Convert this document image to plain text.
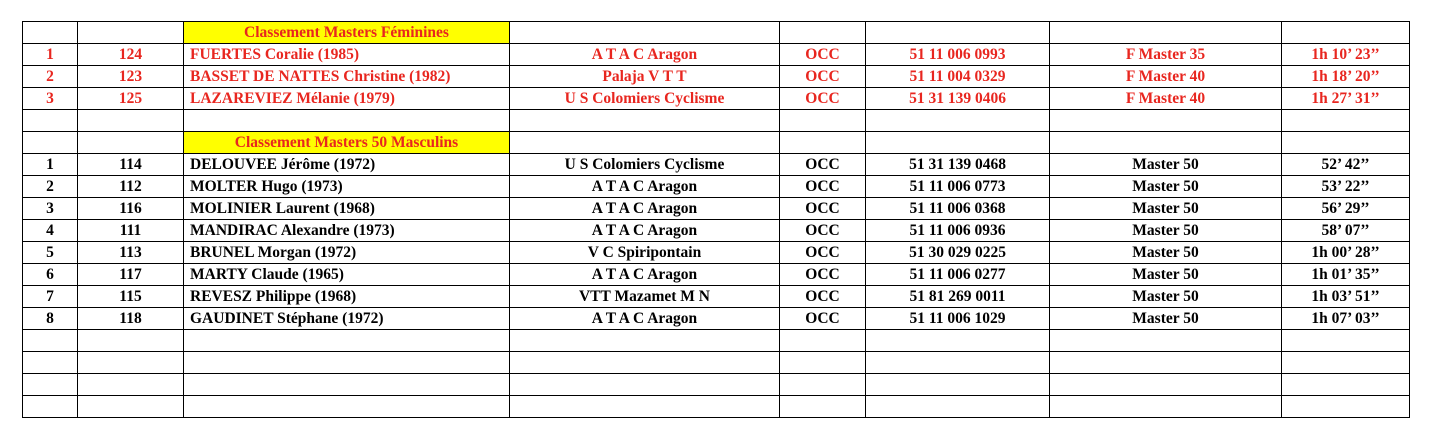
		Classement Masters Féminines					
1	124	FUERTES Coralie (1985)	A T A C Aragon	OCC	51 11 006 0993	F Master 35	1h 10’ 23’’
2	123	BASSET DE NATTES Christine (1982)	Palaja V T T	OCC	51 11 004 0329	F Master 40	1h 18’ 20’’
3	125	LAZAREVIEZ Mélanie (1979)	U S Colomiers Cyclisme	OCC	51 31 139 0406	F Master 40	1h 27’ 31’’

		Classement Masters 50 Masculins					
1	114	DELOUVEE Jérôme (1972)	U S Colomiers Cyclisme	OCC	51 31 139 0468	Master 50	52’ 42’’
2	112	MOLTER Hugo (1973)	A T A C Aragon	OCC	51 11 006 0773	Master 50	53’ 22’’
3	116	MOLINIER Laurent (1968)	A T A C Aragon	OCC	51 11 006 0368	Master 50	56’ 29’’
4	111	MANDIRAC Alexandre (1973)	A T A C Aragon	OCC	51 11 006 0936	Master 50	58’ 07’’
5	113	BRUNEL Morgan (1972)	V C Spiripontain	OCC	51 30 029 0225	Master 50	1h 00’ 28’’
6	117	MARTY Claude (1965)	A T A C Aragon	OCC	51 11 006 0277	Master 50	1h 01’ 35’’
7	115	REVESZ Philippe (1968)	VTT Mazamet M N	OCC	51 81 269 0011	Master 50	1h 03’ 51’’
8	118	GAUDINET Stéphane (1972)	A T A C Aragon	OCC	51 11 006 1029	Master 50	1h 07’ 03’’
